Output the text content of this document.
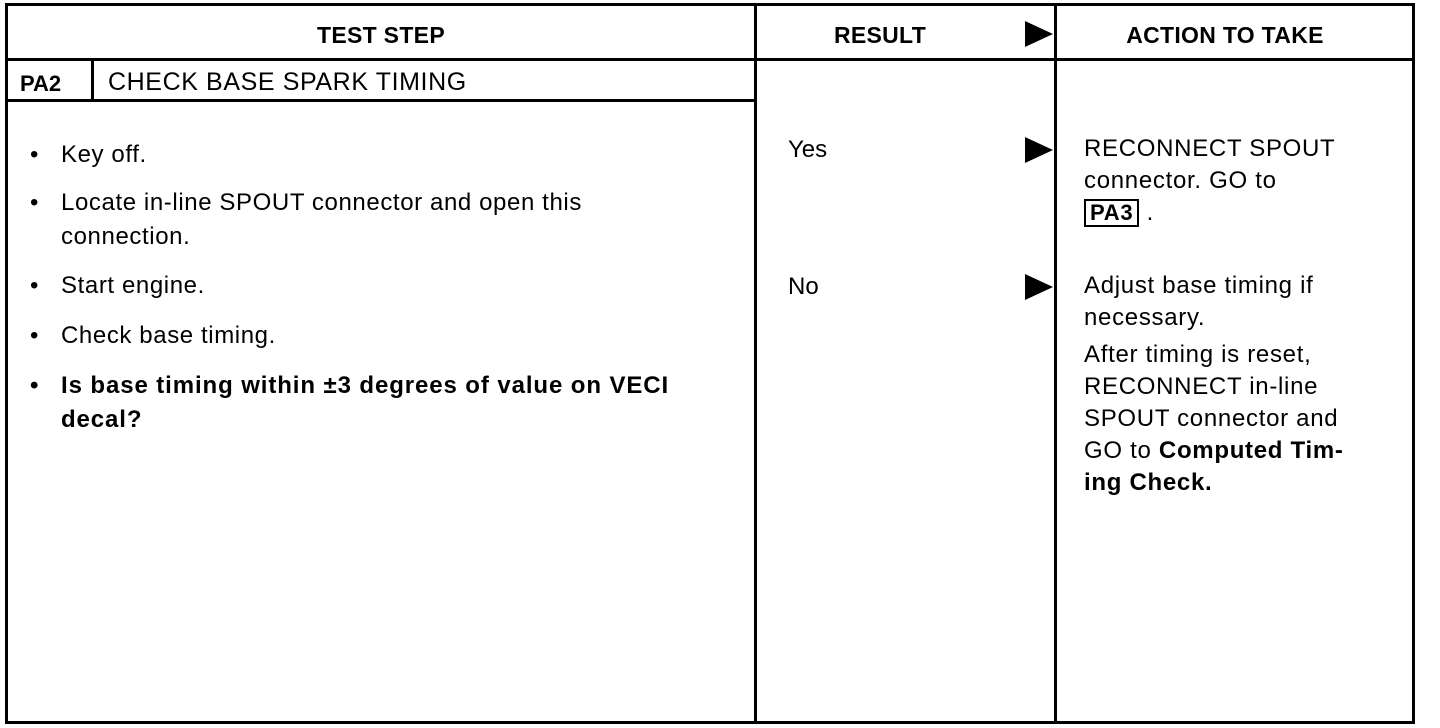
TEST STEP	RESULT	ACTION TO TAKE
PA2 CHECK BASE SPARK TIMING
• Key off.
• Locate in-line SPOUT connector and open this connection.
• Start engine.
• Check base timing.
• Is base timing within ±3 degrees of value on VECI decal?
Yes
No
RECONNECT SPOUT
connector. GO to
PA3 .
Adjust base timing if
necessary.
After timing is reset,
RECONNECT in-line
SPOUT connector and
GO to Computed Tim-
ing Check.
